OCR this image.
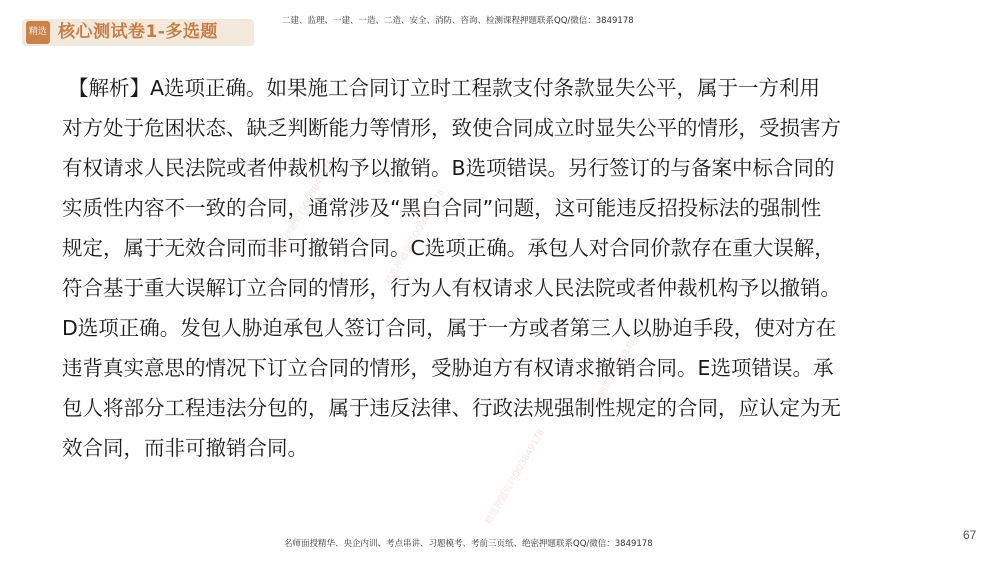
精选 核心测试卷1-多选题
二建、监理、一建、一造、二造、安全、消防、咨询、检测课程押题联系QQ/微信：3849178
【解析】A选项正确。如果施工合同订立时工程款支付条款显失公平，属于一方利用
对方处于危困状态、缺乏判断能力等情形，致使合同成立时显失公平的情形，受损害方
有权请求人民法院或者仲裁机构予以撤销。B选项错误。另行签订的与备案中标合同的
实质性内容不一致的合同，通常涉及“黑白合同”问题，这可能违反招投标法的强制性
规定，属于无效合同而非可撤销合同。C选项正确。承包人对合同价款存在重大误解，
符合基于重大误解订立合同的情形，行为人有权请求人民法院或者仲裁机构予以撤销。
D选项正确。发包人胁迫承包人签订合同，属于一方或者第三人以胁迫手段，使对方在
违背真实意思的情况下订立合同的情形，受胁迫方有权请求撤销合同。E选项错误。承
包人将部分工程违法分包的，属于违反法律、行政法规强制性规定的合同，应认定为无
效合同，而非可撤销合同。
精选押题资料QQ3849178	精选押题资料QQ3849178
精选押题资料QQ3849178
精选押题资料QQ3849178
名师面授精华、央企内训、考点串讲、习题模考、考前三页纸、绝密押题联系QQ/微信：3849178
67
